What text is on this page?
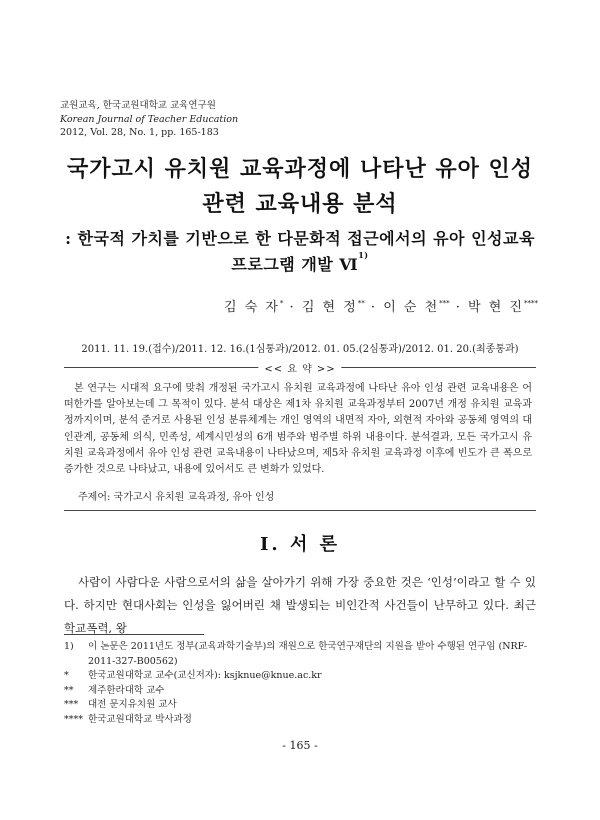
교원교육, 한국교원대학교 교육연구원
Korean Journal of Teacher Education
2012, Vol. 28, No. 1, pp. 165-183
국가고시 유치원 교육과정에 나타난 유아 인성
관련 교육내용 분석
: 한국적 가치를 기반으로 한 다문화적 접근에서의 유아 인성교육
프로그램 개발 Ⅵ$^{1)}$
김 숙 자* · 김 현 정** · 이 순 천*** · 박 현 진****
2011. 11. 19.(접수)/2011. 12. 16.(1심통과)/2012. 01. 05.(2심통과)/2012. 01. 20.(최종통과)
<< 요 약 >>
본 연구는 시대적 요구에 맞춰 개정된 국가고시 유치원 교육과정에 나타난 유아 인성 관련 교육내용은 어떠한가를 알아보는데 그 목적이 있다. 분석 대상은 제1차 유치원 교육과정부터 2007년 개정 유치원 교육과정까지이며, 분석 준거로 사용된 인성 분류체계는 개인 영역의 내면적 자아, 외현적 자아와 공동체 영역의 대인관계, 공동체 의식, 민족성, 세계시민성의 6개 범주와 범주별 하위 내용이다. 분석결과, 모든 국가고시 유치원 교육과정에서 유아 인성 관련 교육내용이 나타났으며, 제5차 유치원 교육과정 이후에 빈도가 큰 폭으로 증가한 것으로 나타났고, 내용에 있어서도 큰 변화가 있었다.
주제어: 국가고시 유치원 교육과정, 유아 인성
Ⅰ. 서 론
사람이 사람다운 사람으로서의 삶을 살아가기 위해 가장 중요한 것은 ‘인성’이라고 할 수 있다. 하지만 현대사회는 인성을 잃어버린 채 발생되는 비인간적 사건들이 난무하고 있다. 최근 학교폭력, 왕
1) 이 논문은 2011년도 정부(교육과학기술부)의 재원으로 한국연구재단의 지원을 받아 수행된 연구임 (NRF-2011-327-B00562)
* 한국교원대학교 교수(교신저자): ksjknue@knue.ac.kr
** 제주한라대학 교수
*** 대전 문지유치원 교사
**** 한국교원대학교 박사과정
- 165 -
